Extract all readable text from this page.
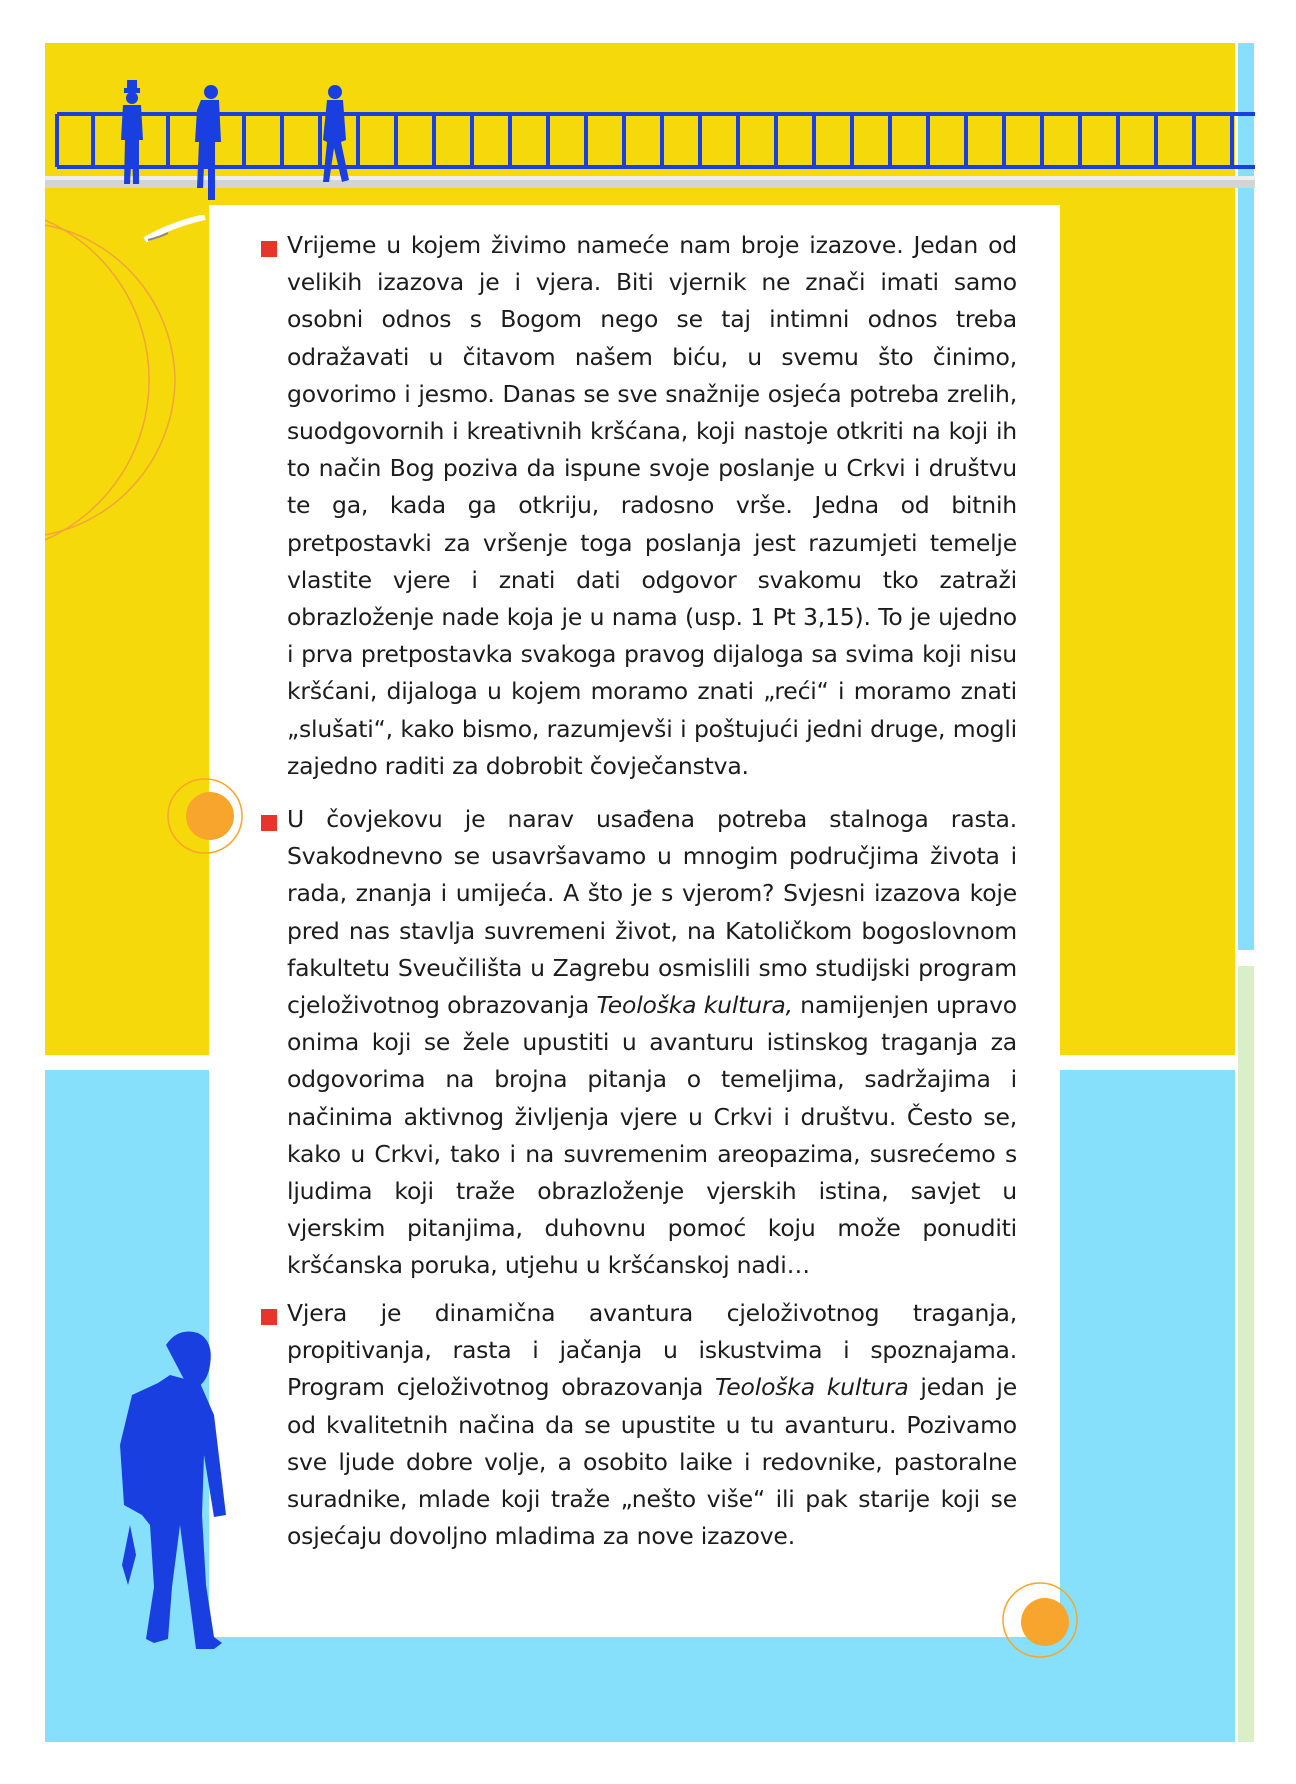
Vrijeme u kojem živimo nameće nam broje izazove. Jedan od velikih izazova je i vjera. Biti vjernik ne znači imati samo osobni odnos s Bogom nego se taj intimni odnos treba odražavati u čitavom našem biću, u svemu što činimo, govorimo i jesmo. Danas se sve snažnije osjeća potreba zrelih, suodgovornih i kreativnih kršćana, koji nastoje otkriti na koji ih to način Bog poziva da ispune svoje poslanje u Crkvi i društvu te ga, kada ga otkriju, radosno vrše. Jedna od bitnih pretpostavki za vršenje toga poslanja jest razumjeti temelje vlastite vjere i znati dati odgovor svakomu tko zatraži obrazloženje nade koja je u nama (usp. 1 Pt 3,15). To je ujedno i prva pretpostavka svakoga pravog dijaloga sa svima koji nisu kršćani, dijaloga u kojem moramo znati „reći“ i moramo znati „slušati“, kako bismo, razumjevši i poštujući jedni druge, mogli zajedno raditi za dobrobit čovječanstva.
U čovjekovu je narav usađena potreba stalnoga rasta. Svakodnevno se usavršavamo u mnogim područjima života i rada, znanja i umijeća. A što je s vjerom? Svjesni izazova koje pred nas stavlja suvremeni život, na Katoličkom bogoslovnom fakultetu Sveučilišta u Zagrebu osmislili smo studijski program cjeloživotnog obrazovanja Teološka kultura, namijenjen upravo onima koji se žele upustiti u avanturu istinskog traganja za odgovorima na brojna pitanja o temeljima, sadržajima i načinima aktivnog življenja vjere u Crkvi i društvu. Često se, kako u Crkvi, tako i na suvremenim areopazima, susrećemo s ljudima koji traže obrazloženje vjerskih istina, savjet u vjerskim pitanjima, duhovnu pomoć koju može ponuditi kršćanska poruka, utjehu u kršćanskoj nadi…
Vjera je dinamična avantura cjeloživotnog traganja, propitivanja, rasta i jačanja u iskustvima i spoznajama. Program cjeloživotnog obrazovanja Teološka kultura jedan je od kvalitetnih načina da se upustite u tu avanturu. Pozivamo sve ljude dobre volje, a osobito laike i redovnike, pastoralne suradnike, mlade koji traže „nešto više“ ili pak starije koji se osjećaju dovoljno mladima za nove izazove.
